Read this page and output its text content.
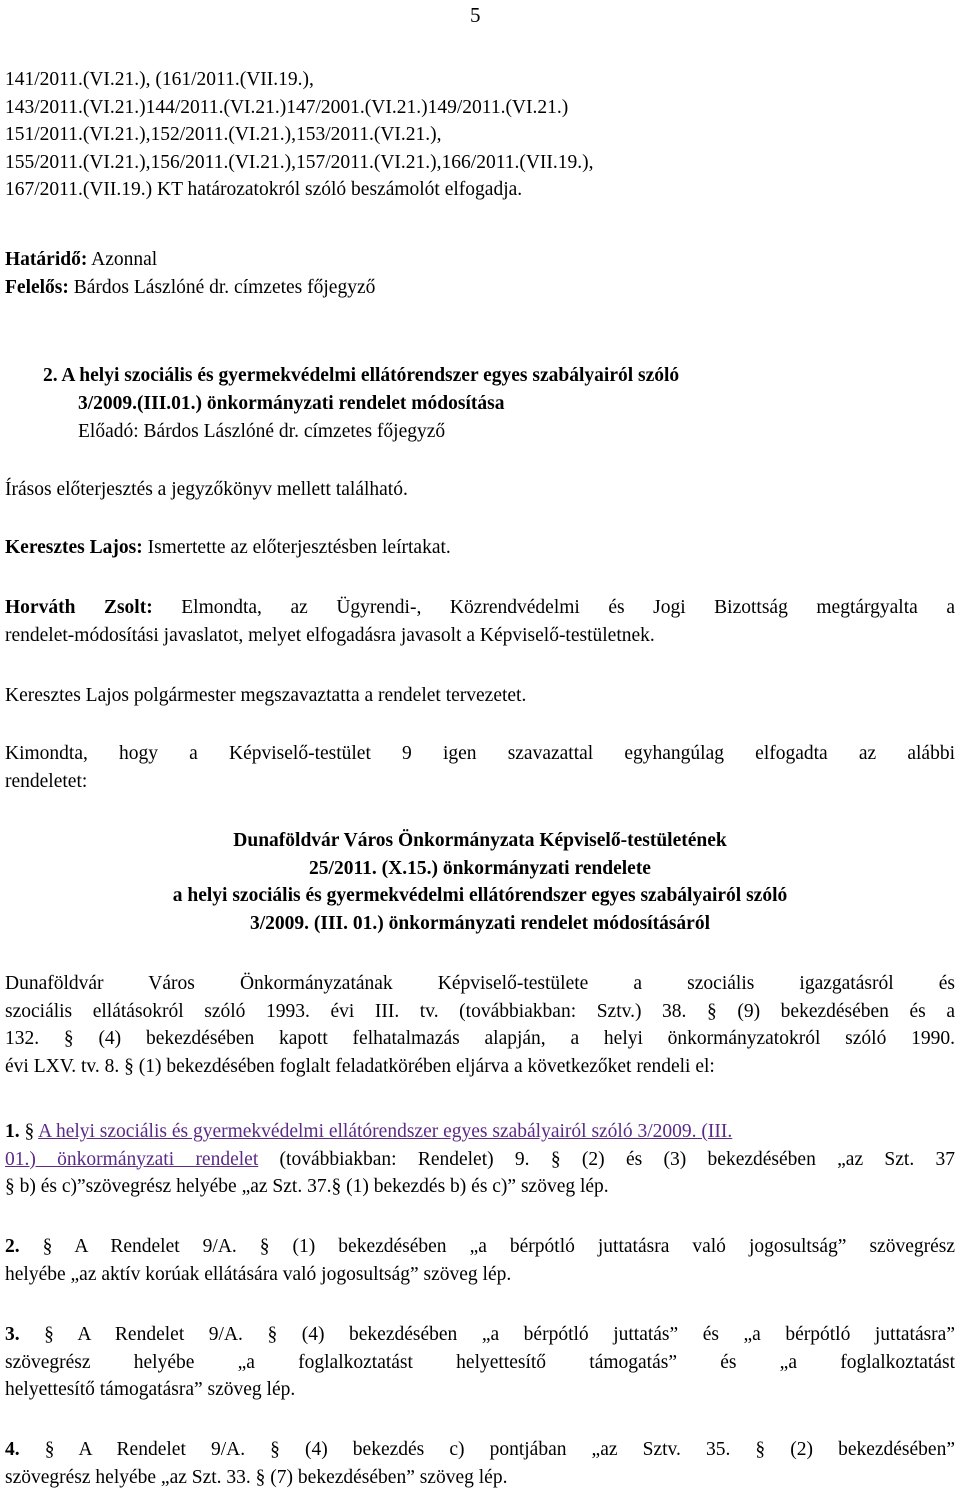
5
141/2011.(VI.21.), (161/2011.(VII.19.),
143/2011.(VI.21.)144/2011.(VI.21.)147/2001.(VI.21.)149/2011.(VI.21.)
151/2011.(VI.21.),152/2011.(VI.21.),153/2011.(VI.21.),
155/2011.(VI.21.),156/2011.(VI.21.),157/2011.(VI.21.),166/2011.(VII.19.),
167/2011.(VII.19.) KT határozatokról szóló beszámolót elfogadja.
Határidő: Azonnal
Felelős: Bárdos Lászlóné dr. címzetes főjegyző
2. A helyi szociális és gyermekvédelmi ellátórendszer egyes szabályairól szóló
3/2009.(III.01.) önkormányzati rendelet módosítása
Előadó: Bárdos Lászlóné dr. címzetes főjegyző
Írásos előterjesztés a jegyzőkönyv mellett található.
Keresztes Lajos: Ismertette az előterjesztésben leírtakat.
Horváth Zsolt: Elmondta, az Ügyrendi-, Közrendvédelmi és Jogi Bizottság megtárgyalta a
rendelet-módosítási javaslatot, melyet elfogadásra javasolt a Képviselő-testületnek.
Keresztes Lajos polgármester megszavaztatta a rendelet tervezetet.
Kimondta, hogy a Képviselő-testület 9 igen szavazattal egyhangúlag elfogadta az alábbi
rendeletet:
Dunaföldvár Város Önkormányzata Képviselő-testületének
25/2011. (X.15.) önkormányzati rendelete
a helyi szociális és gyermekvédelmi ellátórendszer egyes szabályairól szóló
3/2009. (III. 01.) önkormányzati rendelet módosításáról
Dunaföldvár Város Önkormányzatának Képviselő-testülete a szociális igazgatásról és
szociális ellátásokról szóló 1993. évi III. tv. (továbbiakban: Sztv.) 38. § (9) bekezdésében és a
132. § (4) bekezdésében kapott felhatalmazás alapján, a helyi önkormányzatokról szóló 1990.
évi LXV. tv. 8. § (1) bekezdésében foglalt feladatkörében eljárva a következőket rendeli el:
1. § A helyi szociális és gyermekvédelmi ellátórendszer egyes szabályairól szóló 3/2009. (III.
01.) önkormányzati rendelet (továbbiakban: Rendelet) 9. § (2) és (3) bekezdésében „az Szt. 37
§ b) és c)”szövegrész helyébe „az Szt. 37.§ (1) bekezdés b) és c)” szöveg lép.
2. § A Rendelet 9/A. § (1) bekezdésében „a bérpótló juttatásra való jogosultság” szövegrész
helyébe „az aktív korúak ellátására való jogosultság” szöveg lép.
3. § A Rendelet 9/A. § (4) bekezdésében „a bérpótló juttatás” és „a bérpótló juttatásra”
szövegrész helyébe „a foglalkoztatást helyettesítő támogatás” és „a foglalkoztatást
helyettesítő támogatásra” szöveg lép.
4. § A Rendelet 9/A. § (4) bekezdés c) pontjában „az Sztv. 35. § (2) bekezdésében”
szövegrész helyébe „az Szt. 33. § (7) bekezdésében” szöveg lép.
